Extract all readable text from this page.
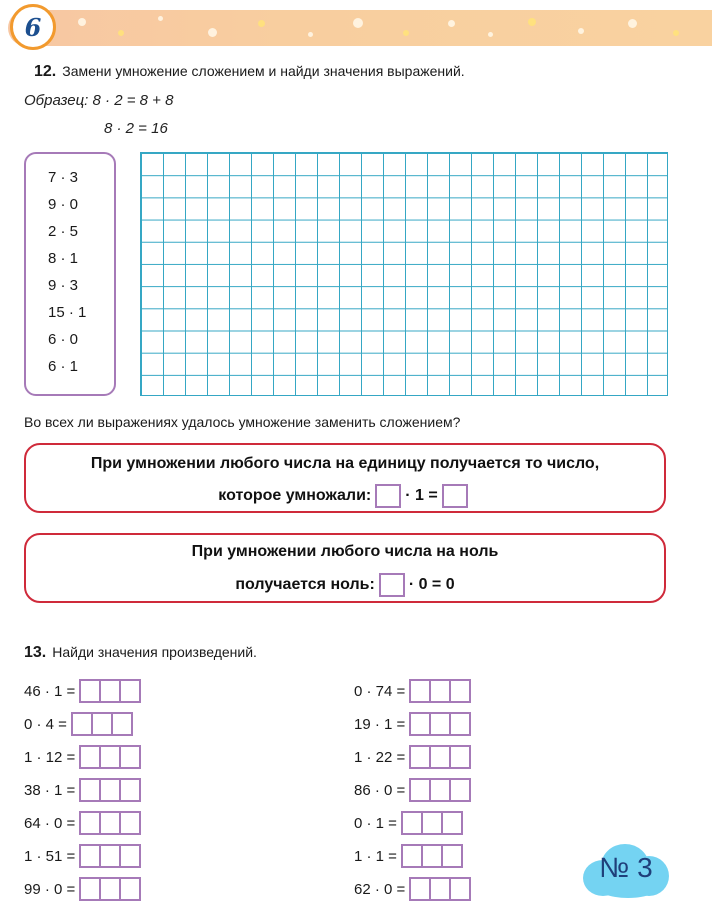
6
12. Замени умножение сложением и найди значения выражений.
Образец: 8 · 2 = 8 + 8
8 · 2 = 16
7 · 3
9 · 0
2 · 5
8 · 1
9 · 3
15 · 1
6 · 0
6 · 1
Во всех ли выражениях удалось умножение заменить сложением?
При умножении любого числа на единицу получается то число,
которое умножали: · 1 =
При умножении любого числа на ноль
получается ноль: · 0 = 0
13. Найди значения произведений.
46 · 1 =
0 · 4 =
1 · 12 =
38 · 1 =
64 · 0 =
1 · 51 =
99 · 0 =
0 · 74 =
19 · 1 =
1 · 22 =
86 · 0 =
0 · 1 =
1 · 1 =
62 · 0 =
№ 3
